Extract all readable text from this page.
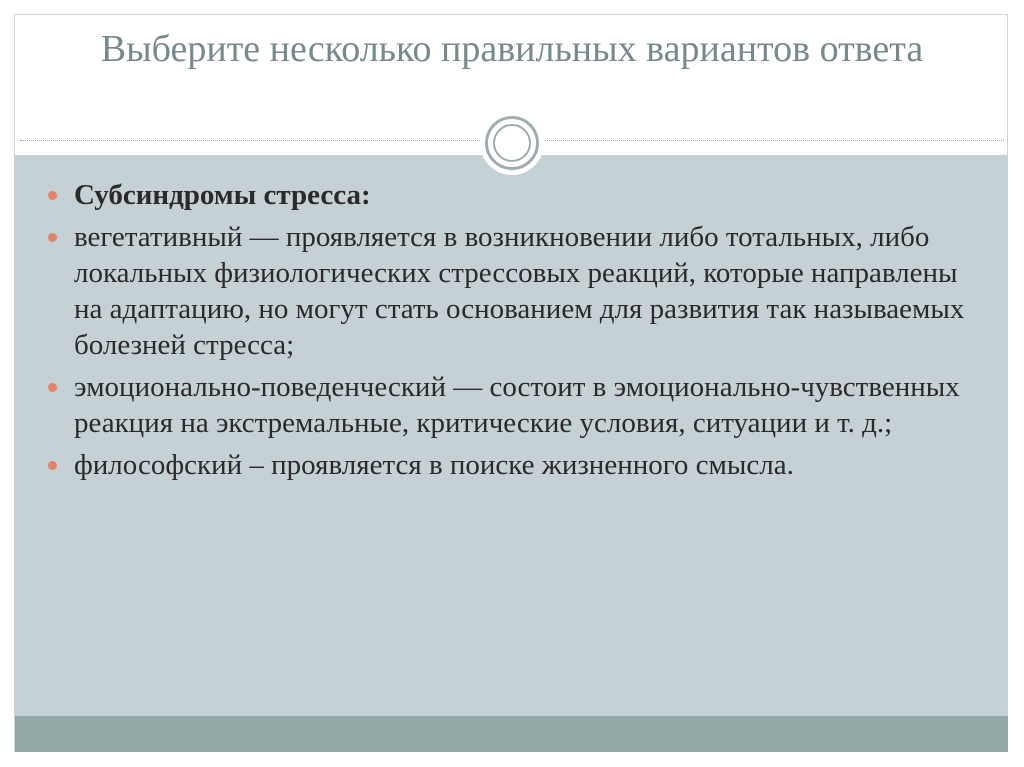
Выберите несколько правильных вариантов ответа
Субсиндромы стресса:
вегетативный — проявляется в возникновении либо тотальных, либо локальных физиологических стрессовых реакций, которые направлены на адаптацию, но могут стать основанием для развития так называемых болезней стресса;
эмоционально-поведенческий — состоит в эмоционально-чувственных реакция на экстремальные, критические условия, ситуации и т. д.;
философский – проявляется в поиске жизненного смысла.
